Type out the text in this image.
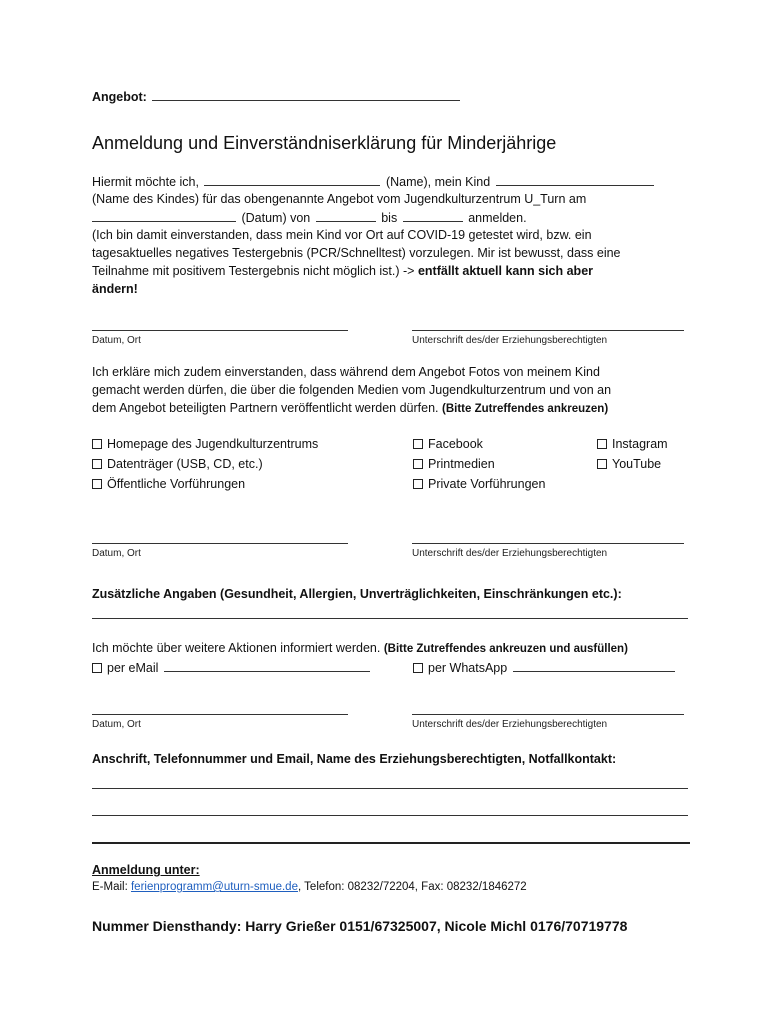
Angebot:
Anmeldung und Einverständniserklärung für Minderjährige
Hiermit möchte ich,	(Name), mein Kind
(Name des Kindes) für das obengenannte Angebot vom Jugendkulturzentrum U_Turn am
(Datum) von	bis	anmelden.
(Ich bin damit einverstanden, dass mein Kind vor Ort auf COVID-19 getestet wird, bzw. ein
tagesaktuelles negatives Testergebnis (PCR/Schnelltest) vorzulegen. Mir ist bewusst, dass eine
Teilnahme mit positivem Testergebnis nicht möglich ist.) -> entfällt aktuell kann sich aber
ändern!
Datum, Ort	Unterschrift des/der Erziehungsberechtigten
Ich erkläre mich zudem einverstanden, dass während dem Angebot Fotos von meinem Kind
gemacht werden dürfen, die über die folgenden Medien vom Jugendkulturzentrum und von an
dem Angebot beteiligten Partnern veröffentlicht werden dürfen. (Bitte Zutreffendes ankreuzen)
Homepage des Jugendkulturzentrums
Datenträger (USB, CD, etc.)
Öffentliche Vorführungen
Facebook
Printmedien
Private Vorführungen
Instagram
YouTube
Datum, Ort	Unterschrift des/der Erziehungsberechtigten
Zusätzliche Angaben (Gesundheit, Allergien, Unverträglichkeiten, Einschränkungen etc.):
Ich möchte über weitere Aktionen informiert werden. (Bitte Zutreffendes ankreuzen und ausfüllen)
per eMail	per WhatsApp
Datum, Ort	Unterschrift des/der Erziehungsberechtigten
Anschrift, Telefonnummer und Email, Name des Erziehungsberechtigten, Notfallkontakt:
Anmeldung unter:
E-Mail: ferienprogramm@uturn-smue.de, Telefon: 08232/72204, Fax: 08232/1846272
Nummer Diensthandy: Harry Grießer 0151/67325007, Nicole Michl 0176/70719778
